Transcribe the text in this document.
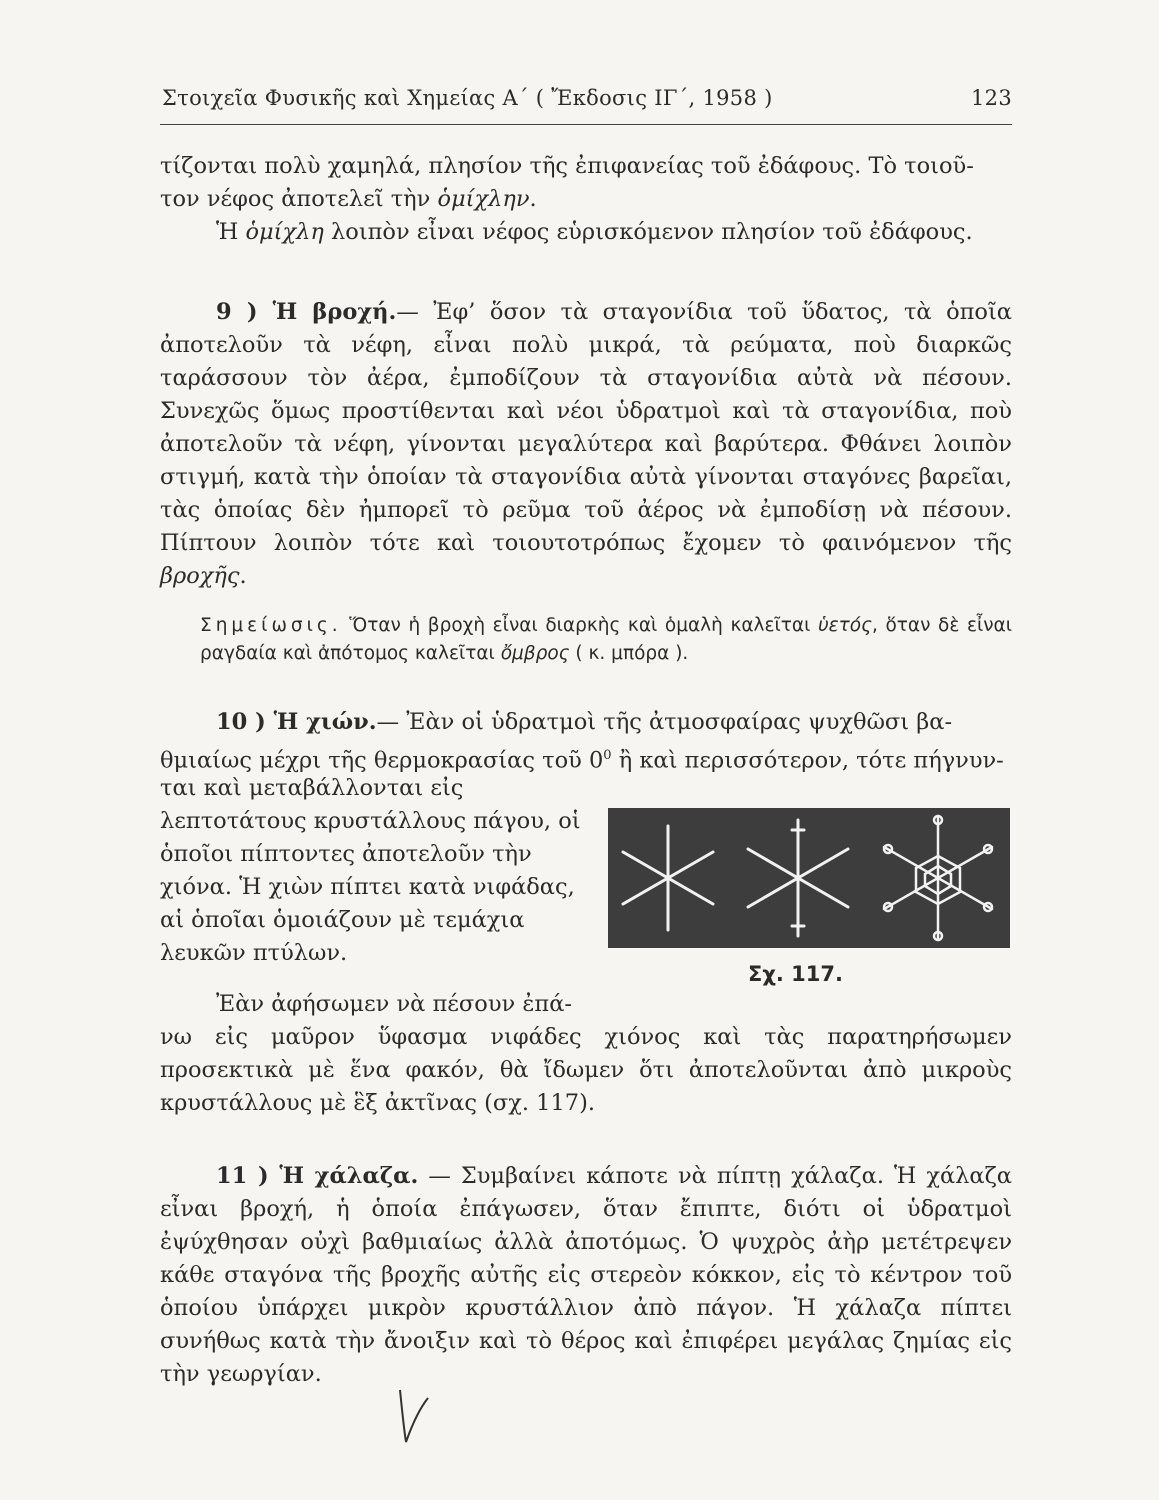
Στοιχεῖα Φυσικῆς καὶ Χημείας Α΄ ( Ἔκδοσις ΙΓ΄, 1958 )	123
τίζονται πολὺ χαμηλά, πλησίον τῆς ἐπιφανείας τοῦ ἐδάφους. Τὸ τοιοῦ-
τον νέφος ἀποτελεῖ τὴν ὁμίχλην.
Ἡ ὁμίχλη λοιπὸν εἶναι νέφος εὑρισκόμενον πλησίον τοῦ ἐδάφους.
9 ) Ἡ βροχή.— Ἐφ’ ὅσον τὰ σταγονίδια τοῦ ὕδατος, τὰ ὁποῖα ἀποτελοῦν τὰ νέφη, εἶναι πολὺ μικρά, τὰ ρεύματα, ποὺ διαρκῶς ταράσσουν τὸν ἀέρα, ἐμποδίζουν τὰ σταγονίδια αὐτὰ νὰ πέσουν. Συνεχῶς ὅμως προστίθενται καὶ νέοι ὑδρατμοὶ καὶ τὰ σταγονίδια, ποὺ ἀποτελοῦν τὰ νέφη, γίνονται μεγαλύτερα καὶ βαρύτερα. Φθάνει λοιπὸν στιγμή, κατὰ τὴν ὁποίαν τὰ σταγονίδια αὐτὰ γίνονται σταγόνες βαρεῖαι, τὰς ὁποίας δὲν ἠμπορεῖ τὸ ρεῦμα τοῦ ἀέρος νὰ ἐμποδίσῃ νὰ πέσουν. Πίπτουν λοιπὸν τότε καὶ τοιουτοτρόπως ἔχομεν τὸ φαινόμενον τῆς βροχῆς.
Σημείωσις. Ὅταν ἡ βροχὴ εἶναι διαρκὴς καὶ ὁμαλὴ καλεῖται ὑετός, ὅταν δὲ εἶναι ραγδαία καὶ ἀπότομος καλεῖται ὄμβρος ( κ. μπόρα ).
10 ) Ἡ χιών.— Ἐὰν οἱ ὑδρατμοὶ τῆς ἀτμοσφαίρας ψυχθῶσι βα-
θμιαίως μέχρι τῆς θερμοκρασίας τοῦ $0^0$ ἢ καὶ περισσότερον, τότε πήγνυν-
ται καὶ μεταβάλλονται εἰς λεπτοτάτους κρυστάλλους πάγου, οἱ ὁποῖοι πίπτοντες ἀποτελοῦν τὴν χιόνα. Ἡ χιὼν πίπτει κατὰ νιφάδας, αἱ ὁποῖαι ὁμοιάζουν μὲ τεμάχια λευκῶν πτύλων.
Σχ. 117.
Ἐὰν ἀφήσωμεν νὰ πέσουν ἐπά-
νω εἰς μαῦρον ὕφασμα νιφάδες χιόνος καὶ τὰς παρατηρήσωμεν προσεκτικὰ μὲ ἕνα φακόν, θὰ ἴδωμεν ὅτι ἀποτελοῦνται ἀπὸ μικροὺς κρυστάλλους μὲ ἓξ ἀκτῖνας (σχ. 117).
11 ) Ἡ χάλαζα. — Συμβαίνει κάποτε νὰ πίπτῃ χάλαζα. Ἡ χάλαζα εἶναι βροχή, ἡ ὁποία ἐπάγωσεν, ὅταν ἔπιπτε, διότι οἱ ὑδρατμοὶ ἐψύχθησαν οὐχὶ βαθμιαίως ἀλλὰ ἀποτόμως. Ὁ ψυχρὸς ἀὴρ μετέτρεψεν κάθε σταγόνα τῆς βροχῆς αὐτῆς εἰς στερεὸν κόκκον, εἰς τὸ κέντρον τοῦ ὁποίου ὑπάρχει μικρὸν κρυστάλλιον ἀπὸ πάγον. Ἡ χάλαζα πίπτει συνήθως κατὰ τὴν ἄνοιξιν καὶ τὸ θέρος καὶ ἐπιφέρει μεγάλας ζημίας εἰς τὴν γεωργίαν.
